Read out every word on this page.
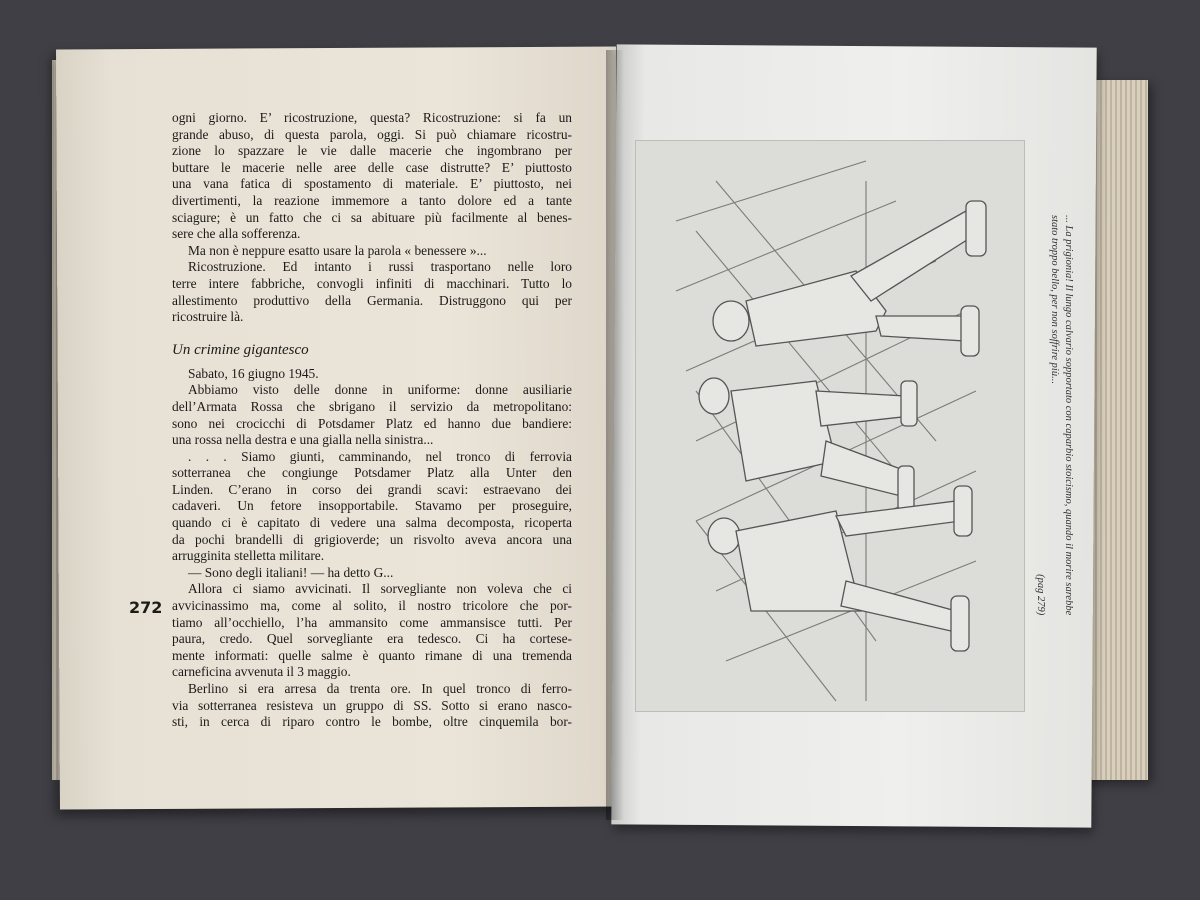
ogni giorno. E’ ricostruzione, questa? Ricostruzione: si fa un
grande abuso, di questa parola, oggi. Si può chiamare ricostru-
zione lo spazzare le vie dalle macerie che ingombrano per
buttare le macerie nelle aree delle case distrutte? E’ piuttosto
una vana fatica di spostamento di materiale. E’ piuttosto, nei
divertimenti, la reazione immemore a tanto dolore ed a tante
sciagure; è un fatto che ci sa abituare più facilmente al benes-
sere che alla sofferenza.
Ma non è neppure esatto usare la parola « benessere »...
Ricostruzione. Ed intanto i russi trasportano nelle loro
terre intere fabbriche, convogli infiniti di macchinari. Tutto lo
allestimento produttivo della Germania. Distruggono qui per
ricostruire là.
Un crimine gigantesco
Sabato, 16 giugno 1945.
Abbiamo visto delle donne in uniforme: donne ausiliarie
dell’Armata Rossa che sbrigano il servizio da metropolitano:
sono nei crocicchi di Potsdamer Platz ed hanno due bandiere:
una rossa nella destra e una gialla nella sinistra...
. . . Siamo giunti, camminando, nel tronco di ferrovia
sotterranea che congiunge Potsdamer Platz alla Unter den
Linden. C’erano in corso dei grandi scavi: estraevano dei
cadaveri. Un fetore insopportabile. Stavamo per proseguire,
quando ci è capitato di vedere una salma decomposta, ricoperta
da pochi brandelli di grigioverde; un risvolto aveva ancora una
arrugginita stelletta militare.
— Sono degli italiani! — ha detto G...
Allora ci siamo avvicinati. Il sorvegliante non voleva che ci
avvicinassimo ma, come al solito, il nostro tricolore che por-
tiamo all’occhiello, l’ha ammansito come ammansisce tutti. Per
paura, credo. Quel sorvegliante era tedesco. Ci ha cortese-
mente informati: quelle salme è quanto rimane di una tremenda
carneficina avvenuta il 3 maggio.
Berlino si era arresa da trenta ore. In quel tronco di ferro-
via sotterranea resisteva un gruppo di SS. Sotto si erano nasco-
sti, in cerca di riparo contro le bombe, oltre cinquemila bor-
272	... La prigionia! Il lungo calvario sopportato con caparbio stoicismo, quando il morire sarebbe
stato troppo bello, per non soffrire più...
(pag 279)
